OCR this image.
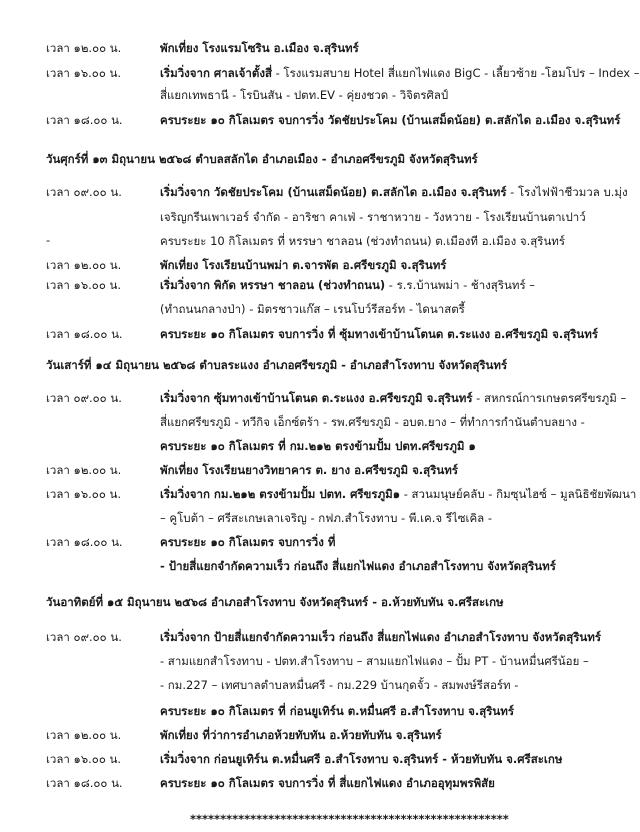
เวลา ๑๒.๐๐ น.	พักเที่ยง โรงแรมโซริน อ.เมือง จ.สุรินทร์
เวลา ๑๖.๐๐ น.	เริ่มวิ่งจาก ศาลเจ้าตั้งสี่ - โรงแรมสบาย Hotel สี่แยกไฟแดง BigC - เลี้ยวซ้าย -โฮมโปร – Index –
สี่แยกเทพธานี - โรบินสัน - ปตท.EV - คุ่ยงชวด - วิจิตรศิลป์
เวลา ๑๘.๐๐ น.	ครบระยะ ๑๐ กิโลเมตร จบการวิ่ง วัดชัยประโคม (บ้านเสม็ดน้อย) ต.สลักได อ.เมือง จ.สุรินทร์
วันศุกร์ที่ ๑๓ มิถุนายน ๒๕๖๘ ตำบลสลักได อำเภอเมือง - อำเภอศรีขรภูมิ จังหวัดสุรินทร์
เวลา ๐๙.๐๐ น.	เริ่มวิ่งจาก วัดชัยประโคม (บ้านเสม็ดน้อย) ต.สลักได อ.เมือง จ.สุรินทร์ - โรงไฟฟ้าชีวมวล บ.มุ่ง
เจริญกรีนเพาเวอร์ จำกัด - อาริชา คาเฟ่ - ราชาหวาย - วังหวาย - โรงเรียนบ้านตาเปาว์
-	ครบระยะ 10 กิโลเมตร ที่ หรรษา ชาลอน (ช่วงทำถนน) ต.เมืองที อ.เมือง จ.สุรินทร์
เวลา ๑๒.๐๐ น.	พักเที่ยง โรงเรียนบ้านพม่า ต.จารพัต อ.ศรีขรภูมิ จ.สุรินทร์
เวลา ๑๖.๐๐ น.	เริ่มวิ่งจาก พิกัด หรรษา ชาลอน (ช่วงทำถนน) - ร.ร.บ้านพม่า - ช้างสุรินทร์ –
(ทำถนนกลางป่า) - มิตรชาวแก๊ส – เรนโบว์รีสอร์ท - ไดนาสตรี้
เวลา ๑๘.๐๐ น.	ครบระยะ ๑๐ กิโลเมตร จบการวิ่ง ที่ ซุ้มทางเข้าบ้านโตนด ต.ระแงง อ.ศรีขรภูมิ จ.สุรินทร์
วันเสาร์ที่ ๑๔ มิถุนายน ๒๕๖๘ ตำบลระแงง อำเภอศรีขรภูมิ - อำเภอสำโรงทาบ จังหวัดสุรินทร์
เวลา ๐๙.๐๐ น.	เริ่มวิ่งจาก ซุ้มทางเข้าบ้านโตนด ต.ระแงง อ.ศรีขรภูมิ จ.สุรินทร์ - สหกรณ์การเกษตรศรีขรภูมิ –
สี่แยกศรีขรภูมิ - ทวีกิจ เอ็กซ์ตร้า - รพ.ศรีขรภูมิ - อบต.ยาง – ที่ทำการกำนันตำบลยาง -
ครบระยะ ๑๐ กิโลเมตร ที่ กม.๒๑๒ ตรงข้ามปั้ม ปตท.ศรีขรภูมิ ๑
เวลา ๑๒.๐๐ น.	พักเที่ยง โรงเรียนยางวิทยาคาร ต. ยาง อ.ศรีขรภูมิ จ.สุรินทร์
เวลา ๑๖.๐๐ น.	เริ่มวิ่งจาก กม.๒๑๒ ตรงข้ามปั้ม ปตท. ศรีขรภูมิ๑ - สวนมนุษย์คลับ - กิมซุนไฮซ์ – มูลนิธิชัยพัฒนา
– คูโบต้า – ศรีสะเกษเลาเจริญ - กฟภ.สำโรงทาบ - พี.เค.จ รีไซเคิล -
เวลา ๑๘.๐๐ น.	ครบระยะ ๑๐ กิโลเมตร จบการวิ่ง ที่
- ป้ายสี่แยกจำกัดความเร็ว ก่อนถึง สี่แยกไฟแดง อำเภอสำโรงทาบ จังหวัดสุรินทร์
วันอาทิตย์ที่ ๑๕ มิถุนายน ๒๕๖๘ อำเภอสำโรงทาบ จังหวัดสุรินทร์ - อ.ห้วยทับทัน จ.ศรีสะเกษ
เวลา ๐๙.๐๐ น.	เริ่มวิ่งจาก ป้ายสี่แยกจำกัดความเร็ว ก่อนถึง สี่แยกไฟแดง อำเภอสำโรงทาบ จังหวัดสุรินทร์
- สามแยกสำโรงทาบ - ปตท.สำโรงทาบ – สามแยกไฟแดง – ปั้ม PT - บ้านหมื่นศรีน้อย –
- กม.227 – เทศบาลตำบลหมื่นศรี - กม.229 บ้านกุดจั้ว - สมพงษ์รีสอร์ท -
ครบระยะ ๑๐ กิโลเมตร ที่ ก่อนยูเทิร์น ต.หมื่นศรี อ.สำโรงทาบ จ.สุรินทร์
เวลา ๑๒.๐๐ น.	พักเที่ยง ที่ว่าการอำเภอห้วยทับทัน อ.ห้วยทับทัน จ.สุรินทร์
เวลา ๑๖.๐๐ น.	เริ่มวิ่งจาก ก่อนยูเทิร์น ต.หมื่นศรี อ.สำโรงทาบ จ.สุรินทร์ - ห้วยทับทัน จ.ศรีสะเกษ
เวลา ๑๘.๐๐ น.	ครบระยะ ๑๐ กิโลเมตร จบการวิ่ง ที่ สี่แยกไฟแดง อำเภออุทุมพรพิสัย
*****************************************************
